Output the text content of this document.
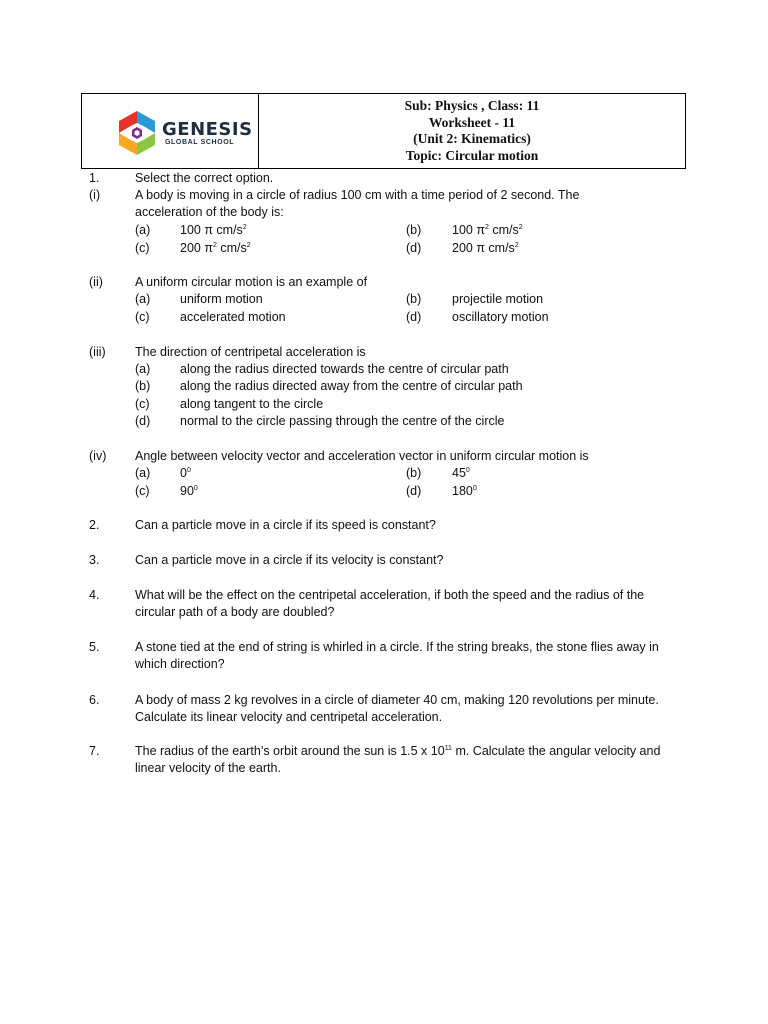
GENESIS
GLOBAL SCHOOL
Sub: Physics , Class: 11
Worksheet - 11
(Unit 2: Kinematics)
Topic: Circular motion
1.	Select the correct option.
(i)	A body is moving in a circle of radius 100 cm with a time period of 2 second. The acceleration of the body is:
(a) 100 π $cm/s^2$	(b) 100 $\pi^2$ $cm/s^2$
(c) 200 $\pi^2$ $cm/s^2$	(d) 200 π $cm/s^2$
(ii)	A uniform circular motion is an example of
(a) uniform motion	(b) projectile motion
(c) accelerated motion	(d) oscillatory motion
(iii) The direction of centripetal acceleration is
(a) along the radius directed towards the centre of circular path
(b) along the radius directed away from the centre of circular path
(c) along tangent to the circle
(d) normal to the circle passing through the centre of the circle
(iv) Angle between velocity vector and acceleration vector in uniform circular motion is
(a) $0^0$	(b) $45^0$
(c) $90^0$	(d) $180^0$
2.	Can a particle move in a circle if its speed is constant?
3.	Can a particle move in a circle if its velocity is constant?
4.	What will be the effect on the centripetal acceleration, if both the speed and the radius of the circular path of a body are doubled?
5.	A stone tied at the end of string is whirled in a circle. If the string breaks, the stone flies away in which direction?
6.	A body of mass 2 kg revolves in a circle of diameter 40 cm, making 120 revolutions per minute. Calculate its linear velocity and centripetal acceleration.
7.	The radius of the earth’s orbit around the sun is 1.5 x $10^{11}$ m. Calculate the angular velocity and linear velocity of the earth.
